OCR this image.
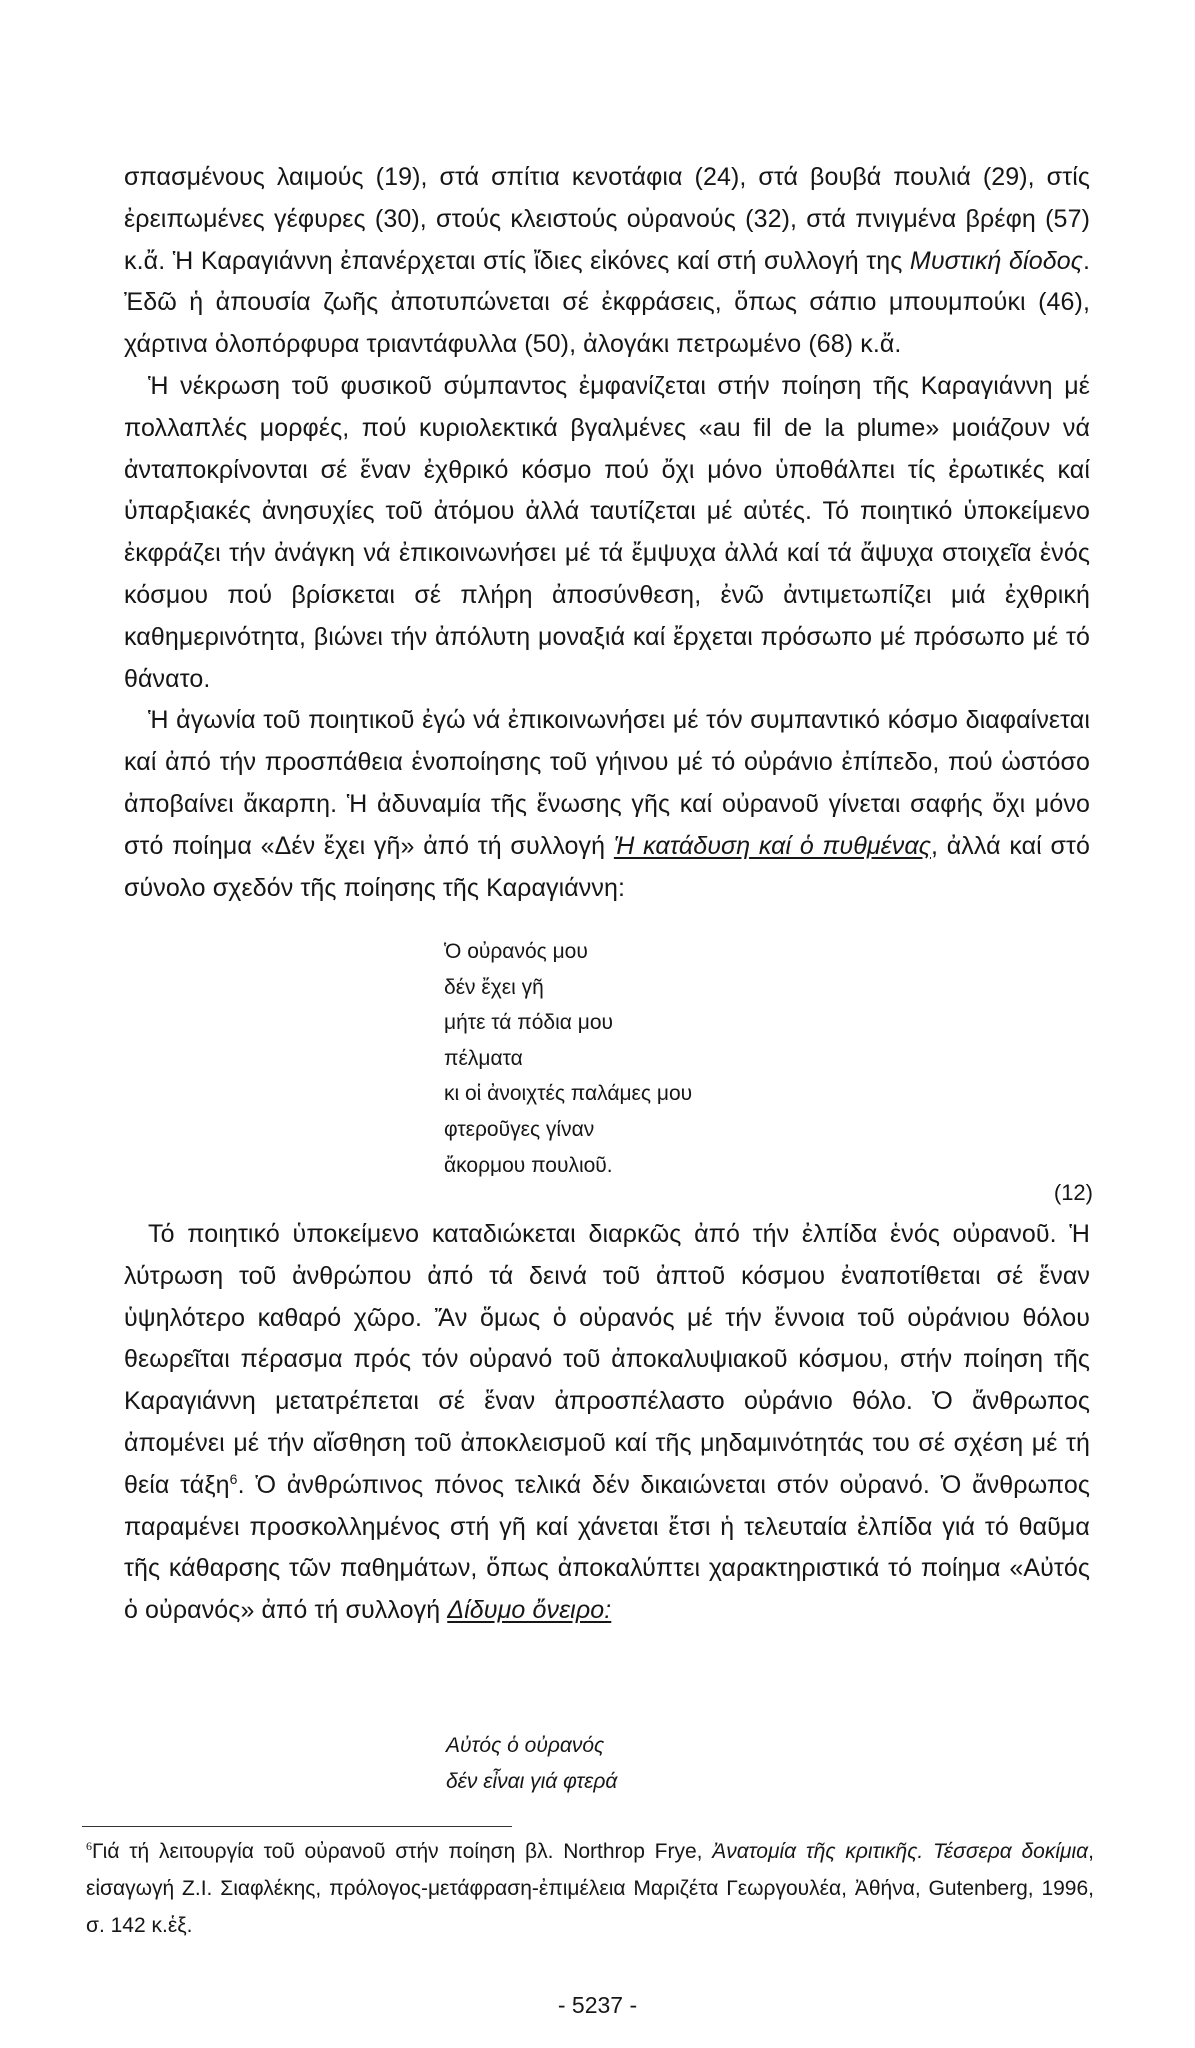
σπασμένους λαιμούς (19), στά σπίτια κενοτάφια (24), στά βουβά πουλιά (29), στίς ἐρειπωμένες γέφυρες (30), στούς κλειστούς οὐρανούς (32), στά πνιγμένα βρέφη (57) κ.ἄ. Ἡ Καραγιάννη ἐπανέρχεται στίς ἴδιες εἰκόνες καί στή συλλογή της Μυστική δίοδος. Ἐδῶ ἡ ἀπουσία ζωῆς ἀποτυπώνεται σέ ἐκφράσεις, ὅπως σάπιο μπουμπούκι (46), χάρτινα ὁλοπόρφυρα τριαντάφυλλα (50), ἀλογάκι πετρωμένο (68) κ.ἄ.

Ἡ νέκρωση τοῦ φυσικοῦ σύμπαντος ἐμφανίζεται στήν ποίηση τῆς Καραγιάννη μέ πολλαπλές μορφές, πού κυριολεκτικά βγαλμένες «au fil de la plume» μοιάζουν νά ἀνταποκρίνονται σέ ἕναν ἐχθρικό κόσμο πού ὄχι μόνο ὑποθάλπει τίς ἐρωτικές καί ὑπαρξιακές ἀνησυχίες τοῦ ἀτόμου ἀλλά ταυτίζεται μέ αὐτές. Τό ποιητικό ὑποκείμενο ἐκφράζει τήν ἀνάγκη νά ἐπικοινωνήσει μέ τά ἔμψυχα ἀλλά καί τά ἄψυχα στοιχεῖα ἑνός κόσμου πού βρίσκεται σέ πλήρη ἀποσύνθεση, ἐνῶ ἀντιμετωπίζει μιά ἐχθρική καθημερινότητα, βιώνει τήν ἀπόλυτη μοναξιά καί ἔρχεται πρόσωπο μέ πρόσωπο μέ τό θάνατο.

Ἡ ἀγωνία τοῦ ποιητικοῦ ἐγώ νά ἐπικοινωνήσει μέ τόν συμπαντικό κόσμο διαφαίνεται καί ἀπό τήν προσπάθεια ἑνοποίησης τοῦ γήινου μέ τό οὐράνιο ἐπίπεδο, πού ὡστόσο ἀποβαίνει ἄκαρπη. Ἡ ἀδυναμία τῆς ἕνωσης γῆς καί οὐρανοῦ γίνεται σαφής ὄχι μόνο στό ποίημα «Δέν ἔχει γῆ» ἀπό τή συλλογή Ἡ κατάδυση καί ὁ πυθμένας, ἀλλά καί στό σύνολο σχεδόν τῆς ποίησης τῆς Καραγιάννη:

Ὁ οὐρανός μου
δέν ἔχει γῆ
μήτε τά πόδια μου
πέλματα
κι οἱ ἀνοιχτές παλάμες μου
φτεροῦγες γίναν
ἄκορμου πουλιοῦ.
(12)

Τό ποιητικό ὑποκείμενο καταδιώκεται διαρκῶς ἀπό τήν ἐλπίδα ἑνός οὐρανοῦ. Ἡ λύτρωση τοῦ ἀνθρώπου ἀπό τά δεινά τοῦ ἀπτοῦ κόσμου ἐναποτίθεται σέ ἕναν ὑψηλότερο καθαρό χῶρο. Ἄν ὅμως ὁ οὐρανός μέ τήν ἔννοια τοῦ οὐράνιου θόλου θεωρεῖται πέρασμα πρός τόν οὐρανό τοῦ ἀποκαλυψιακοῦ κόσμου, στήν ποίηση τῆς Καραγιάννη μετατρέπεται σέ ἕναν ἀπροσπέλαστο οὐράνιο θόλο. Ὁ ἄνθρωπος ἀπομένει μέ τήν αἴσθηση τοῦ ἀποκλεισμοῦ καί τῆς μηδαμινότητάς του σέ σχέση μέ τή θεία τάξη$^6$. Ὁ ἀνθρώπινος πόνος τελικά δέν δικαιώνεται στόν οὐρανό. Ὁ ἄνθρωπος παραμένει προσκολλημένος στή γῆ καί χάνεται ἔτσι ἡ τελευταία ἐλπίδα γιά τό θαῦμα τῆς κάθαρσης τῶν παθημάτων, ὅπως ἀποκαλύπτει χαρακτηριστικά τό ποίημα «Αὐτός ὁ οὐρανός» ἀπό τή συλλογή Δίδυμο ὄνειρο:

Αὐτός ὁ οὐρανός
δέν εἶναι γιά φτερά
$^6$Γιά τή λειτουργία τοῦ οὐρανοῦ στήν ποίηση βλ. Northrop Frye, Ἀνατομία τῆς κριτικῆς. Τέσσερα δοκίμια, εἰσαγωγή Ζ.Ι. Σιαφλέκης, πρόλογος-μετάφραση-ἐπιμέλεια Μαριζέτα Γεωργουλέα, Ἀθήνα, Gutenberg, 1996, σ. 142 κ.ἑξ.
- 5237 -
